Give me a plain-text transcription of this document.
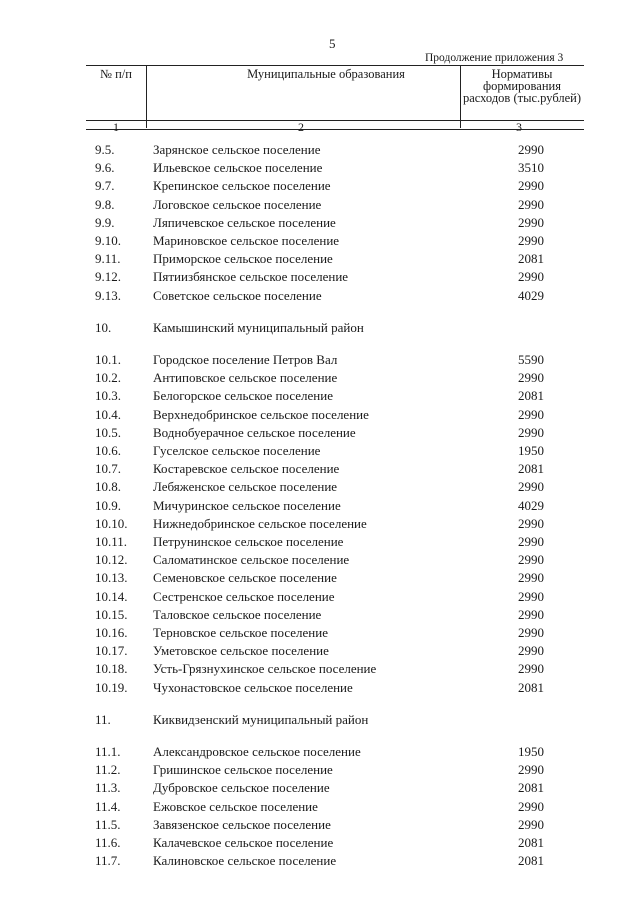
5
Продолжение приложения 3
№ п/п	Муниципальные образования	Нормативы формирования расходов (тыс.рублей)
1	2	3
9.5.	Зарянское сельское поселение	2990
9.6.	Ильевское сельское поселение	3510
9.7.	Крепинское сельское поселение	2990
9.8.	Логовское сельское поселение	2990
9.9.	Ляпичевское сельское поселение	2990
9.10. Мариновское сельское поселение	2990
9.11. Приморское сельское поселение	2081
9.12. Пятиизбянское сельское поселение	2990
9.13. Советское сельское поселение	4029
10.	Камышинский муниципальный район
10.1. Городское поселение Петров Вал	5590
10.2. Антиповское сельское поселение	2990
10.3. Белогорское сельское поселение	2081
10.4. Верхнедобринское сельское поселение	2990
10.5. Воднобуерачное сельское поселение	2990
10.6. Гуселское сельское поселение	1950
10.7. Костаревское сельское поселение	2081
10.8. Лебяженское сельское поселение	2990
10.9. Мичуринское сельское поселение	4029
10.10. Нижнедобринское сельское поселение	2990
10.11. Петрунинское сельское поселение	2990
10.12. Саломатинское сельское поселение	2990
10.13. Семеновское сельское поселение	2990
10.14. Сестренское сельское поселение	2990
10.15. Таловское сельское поселение	2990
10.16. Терновское сельское поселение	2990
10.17. Уметовское сельское поселение	2990
10.18. Усть-Грязнухинское сельское поселение	2990
10.19. Чухонастовское сельское поселение	2081
11.	Киквидзенский муниципальный район
11.1. Александровское сельское поселение	1950
11.2. Гришинское сельское поселение	2990
11.3. Дубровское сельское поселение	2081
11.4. Ежовское сельское поселение	2990
11.5. Завязенское сельское поселение	2990
11.6. Калачевское сельское поселение	2081
11.7. Калиновское сельское поселение	2081
